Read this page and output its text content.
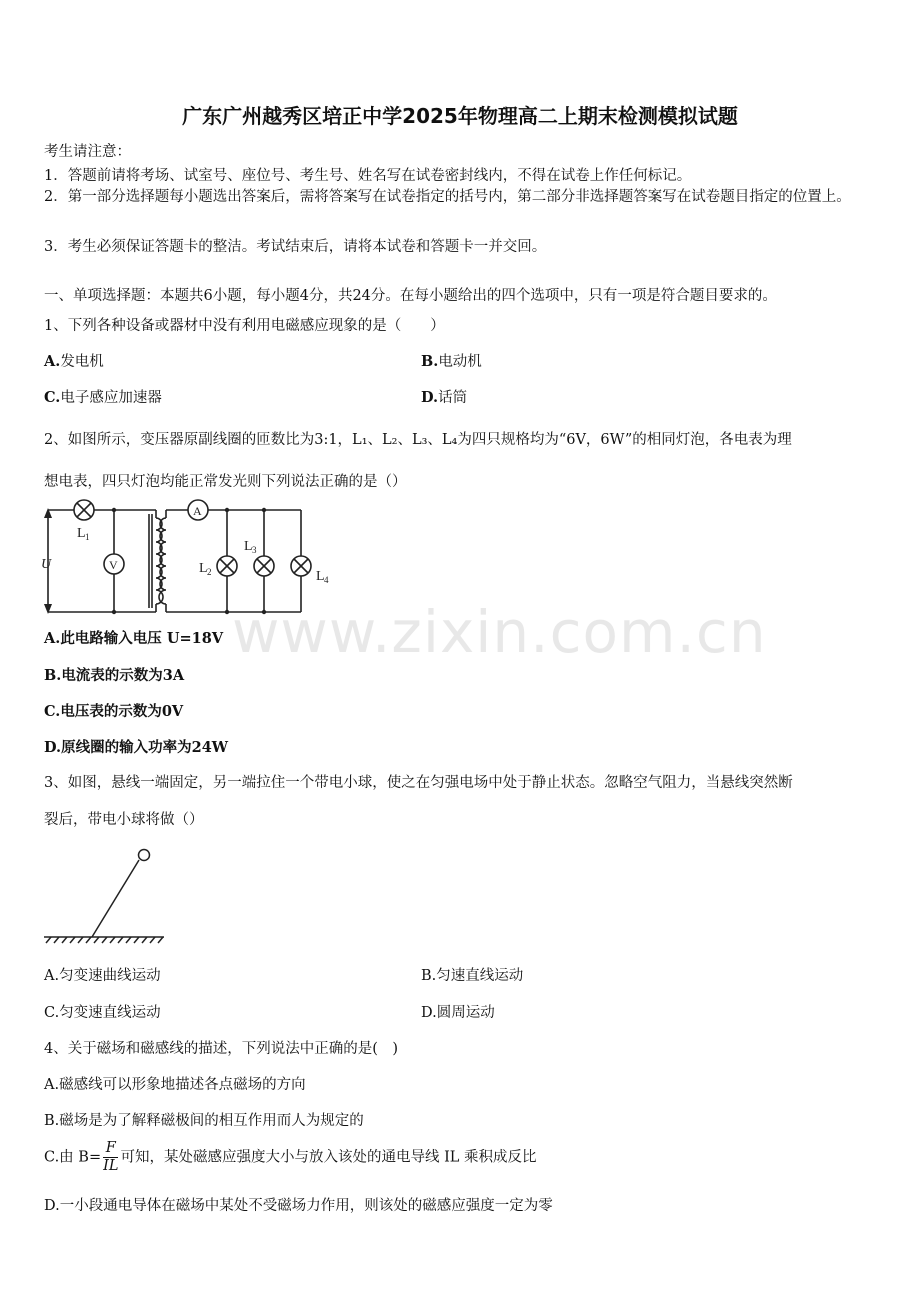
广东广州越秀区培正中学2025年物理高二上期末检测模拟试题
考生请注意：
1．答题前请将考场、试室号、座位号、考生号、姓名写在试卷密封线内，不得在试卷上作任何标记。
2．第一部分选择题每小题选出答案后，需将答案写在试卷指定的括号内，第二部分非选择题答案写在试卷题目指定的位置上。
3．考生必须保证答题卡的整洁。考试结束后，请将本试卷和答题卡一并交回。
一、单项选择题：本题共6小题，每小题4分，共24分。在每小题给出的四个选项中，只有一项是符合题目要求的。
1、下列各种设备或器材中没有利用电磁感应现象的是（　　）
A.发电机	B.电动机
C.电子感应加速器	D.话筒
2、如图所示，变压器原副线圈的匝数比为3:1，L₁、L₂、L₃、L₄为四只规格均为“6V，6W”的相同灯泡，各电表为理
想电表，四只灯泡均能正常发光则下列说法正确的是（）
U
L 1
V
A
L 2
L 3
L 4
A.此电路输入电压 U=18V
B.电流表的示数为3A
C.电压表的示数为0V
D.原线圈的输入功率为24W
3、如图，悬线一端固定，另一端拉住一个带电小球，使之在匀强电场中处于静止状态。忽略空气阻力，当悬线突然断
裂后，带电小球将做（）
A.匀变速曲线运动	B.匀速直线运动
C.匀变速直线运动	D.圆周运动
4、关于磁场和磁感线的描述，下列说法中正确的是(　)
A.磁感线可以形象地描述各点磁场的方向
B.磁场是为了解释磁极间的相互作用而人为规定的
C.由 $B= \frac{F}{IL}$ 可知，某处磁感应强度大小与放入该处的通电导线 IL 乘积成反比
D.一小段通电导体在磁场中某处不受磁场力作用，则该处的磁感应强度一定为零
www.zixin.com.cn
